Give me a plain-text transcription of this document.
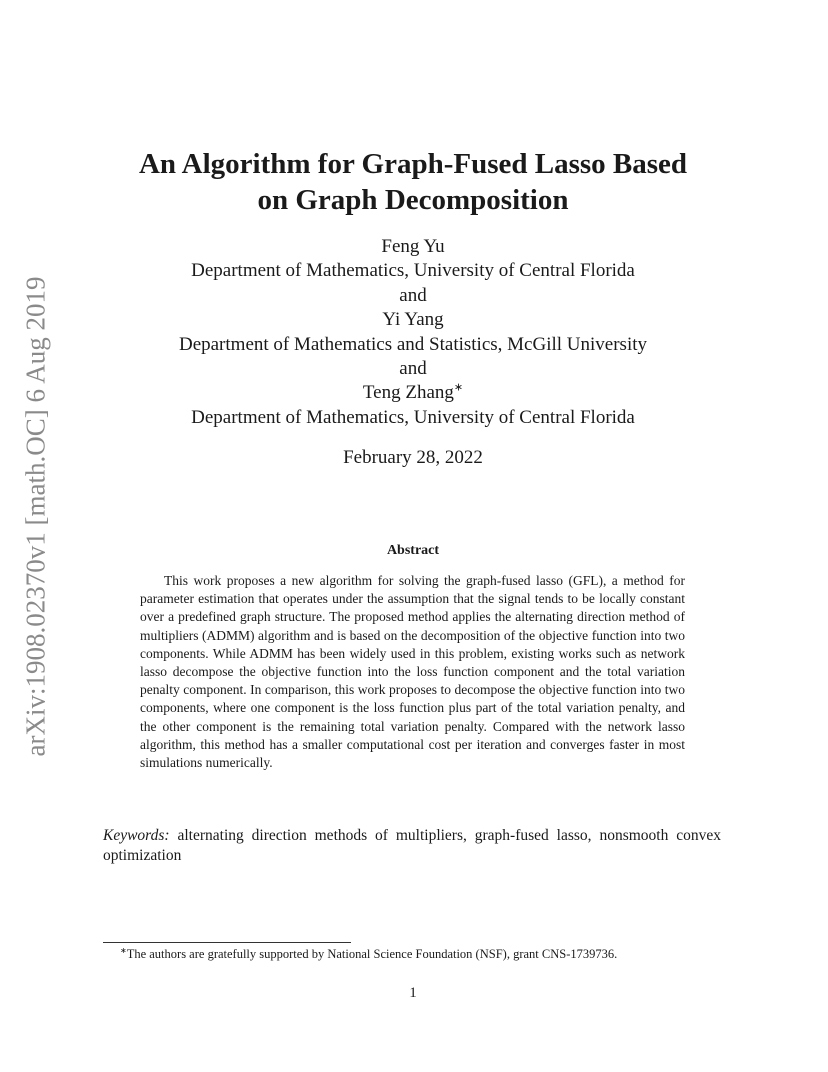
arXiv:1908.02370v1 [math.OC] 6 Aug 2019
An Algorithm for Graph-Fused Lasso Based
on Graph Decomposition
Feng Yu
Department of Mathematics, University of Central Florida
and
Yi Yang
Department of Mathematics and Statistics, McGill University
and
Teng Zhang∗
Department of Mathematics, University of Central Florida
February 28, 2022
Abstract

This work proposes a new algorithm for solving the graph-fused lasso (GFL), a method for parameter estimation that operates under the assumption that the signal tends to be locally constant over a predefined graph structure. The proposed method applies the alternating direction method of multipliers (ADMM) algorithm and is based on the decomposition of the objective function into two components. While ADMM has been widely used in this problem, existing works such as network lasso decompose the objective function into the loss function component and the total variation penalty component. In comparison, this work proposes to decompose the objective function into two components, where one component is the loss function plus part of the total variation penalty, and the other component is the remaining total variation penalty. Compared with the network lasso algorithm, this method has a smaller computational cost per iteration and converges faster in most simulations numerically.

Keywords: alternating direction methods of multipliers, graph-fused lasso, nonsmooth convex optimization

∗The authors are gratefully supported by National Science Foundation (NSF), grant CNS-1739736.

1
